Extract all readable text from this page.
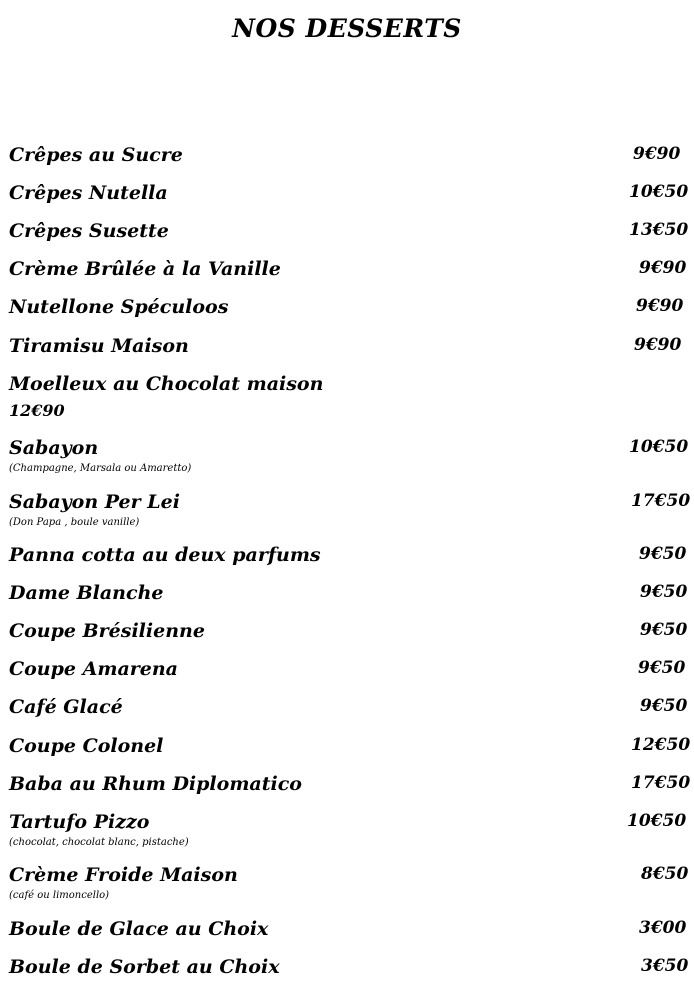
NOS DESSERTS
Crêpes au Sucre	9€90
Crêpes Nutella	10€50
Crêpes Susette	13€50
Crème Brûlée à la Vanille	9€90
Nutellone Spéculoos	9€90
Tiramisu Maison	9€90
Moelleux au Chocolat maison
12€90
Sabayon	10€50
(Champagne, Marsala ou Amaretto)
Sabayon Per Lei	17€50
(Don Papa , boule vanille)
Panna cotta au deux parfums	9€50
Dame Blanche	9€50
Coupe Brésilienne	9€50
Coupe Amarena	9€50
Café Glacé	9€50
Coupe Colonel	12€50
Baba au Rhum Diplomatico	17€50
Tartufo Pizzo	10€50
(chocolat, chocolat blanc, pistache)
Crème Froide Maison	8€50
(café ou limoncello)
Boule de Glace au Choix	3€00
Boule de Sorbet au Choix	3€50
